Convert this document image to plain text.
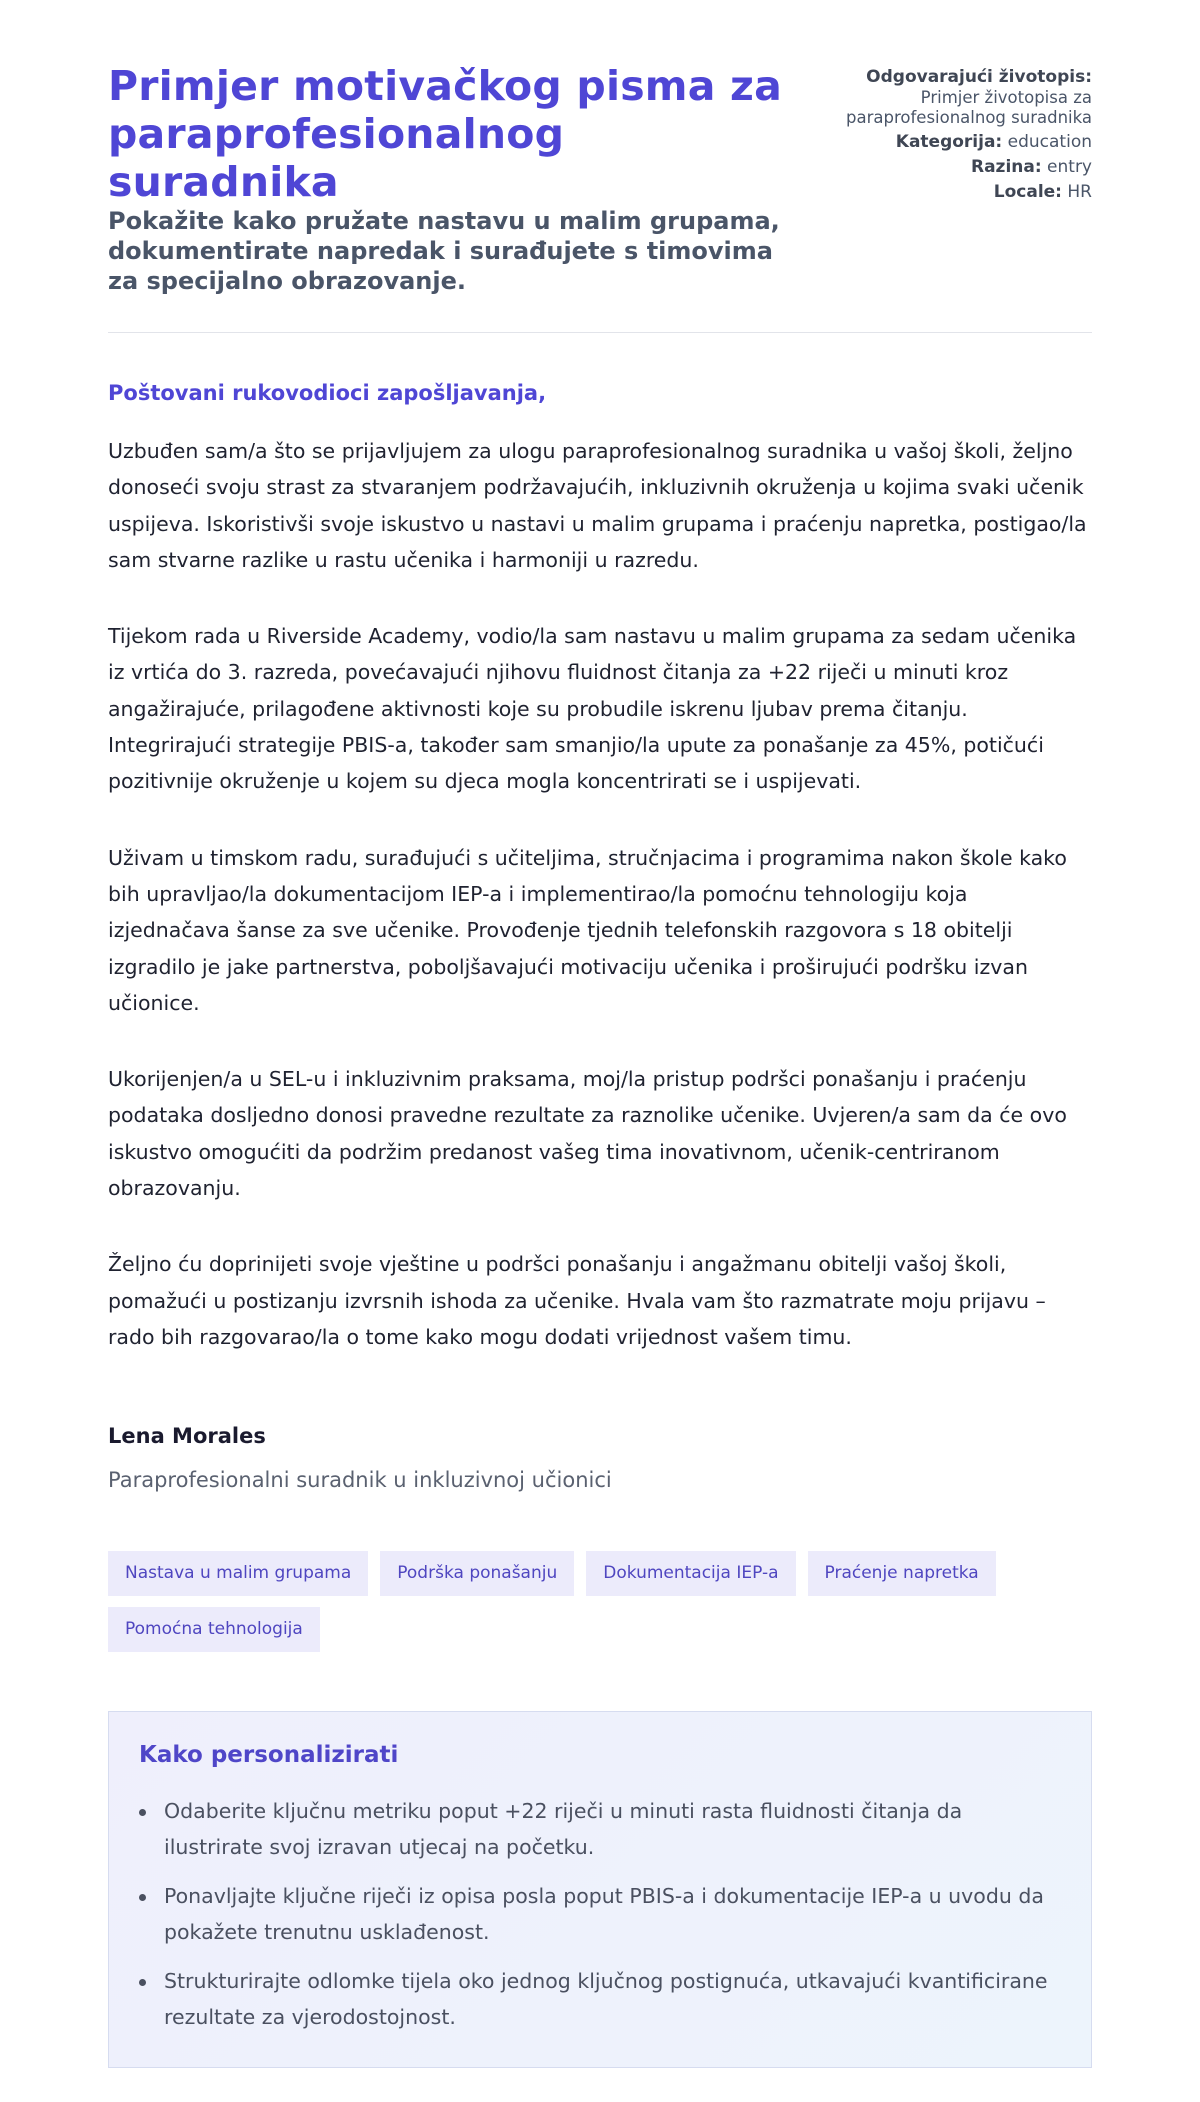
Primjer motivačkog pisma za paraprofesionalnog suradnika

Pokažite kako pružate nastavu u malim grupama, dokumentirate napredak i surađujete s timovima za specijalno obrazovanje.

Odgovarajući životopis:
Primjer životopisa za paraprofesionalnog suradnika
Kategorija: education
Razina: entry
Locale: HR

Poštovani rukovodioci zapošljavanja,

Uzbuđen sam/a što se prijavljujem za ulogu paraprofesionalnog suradnika u vašoj školi, željno donoseći svoju strast za stvaranjem podržavajućih, inkluzivnih okruženja u kojima svaki učenik uspijeva. Iskoristivši svoje iskustvo u nastavi u malim grupama i praćenju napretka, postigao/la sam stvarne razlike u rastu učenika i harmoniji u razredu.

Tijekom rada u Riverside Academy, vodio/la sam nastavu u malim grupama za sedam učenika iz vrtića do 3. razreda, povećavajući njihovu fluidnost čitanja za +22 riječi u minuti kroz angažirajuće, prilagođene aktivnosti koje su probudile iskrenu ljubav prema čitanju. Integrirajući strategije PBIS-a, također sam smanjio/la upute za ponašanje za 45%, potičući pozitivnije okruženje u kojem su djeca mogla koncentrirati se i uspijevati.

Uživam u timskom radu, surađujući s učiteljima, stručnjacima i programima nakon škole kako bih upravljao/la dokumentacijom IEP-a i implementirao/la pomoćnu tehnologiju koja izjednačava šanse za sve učenike. Provođenje tjednih telefonskih razgovora s 18 obitelji izgradilo je jake partnerstva, poboljšavajući motivaciju učenika i proširujući podršku izvan učionice.

Ukorijenjen/a u SEL-u i inkluzivnim praksama, moj/la pristup podršci ponašanju i praćenju podataka dosljedno donosi pravedne rezultate za raznolike učenike. Uvjeren/a sam da će ovo iskustvo omogućiti da podržim predanost vašeg tima inovativnom, učenik-centriranom obrazovanju.

Željno ću doprinijeti svoje vještine u podršci ponašanju i angažmanu obitelji vašoj školi, pomažući u postizanju izvrsnih ishoda za učenike. Hvala vam što razmatrate moju prijavu – rado bih razgovarao/la o tome kako mogu dodati vrijednost vašem timu.

Lena Morales

Paraprofesionalni suradnik u inkluzivnoj učionici

Nastava u malim grupama	Podrška ponašanju	Dokumentacija IEP-a	Praćenje napretka
Pomoćna tehnologija
Kako personalizirati
Odaberite ključnu metriku poput +22 riječi u minuti rasta fluidnosti čitanja da ilustrirate svoj izravan utjecaj na početku.
Ponavljajte ključne riječi iz opisa posla poput PBIS-a i dokumentacije IEP-a u uvodu da pokažete trenutnu usklađenost.
Strukturirajte odlomke tijela oko jednog ključnog postignuća, utkavajući kvantificirane rezultate za vjerodostojnost.
